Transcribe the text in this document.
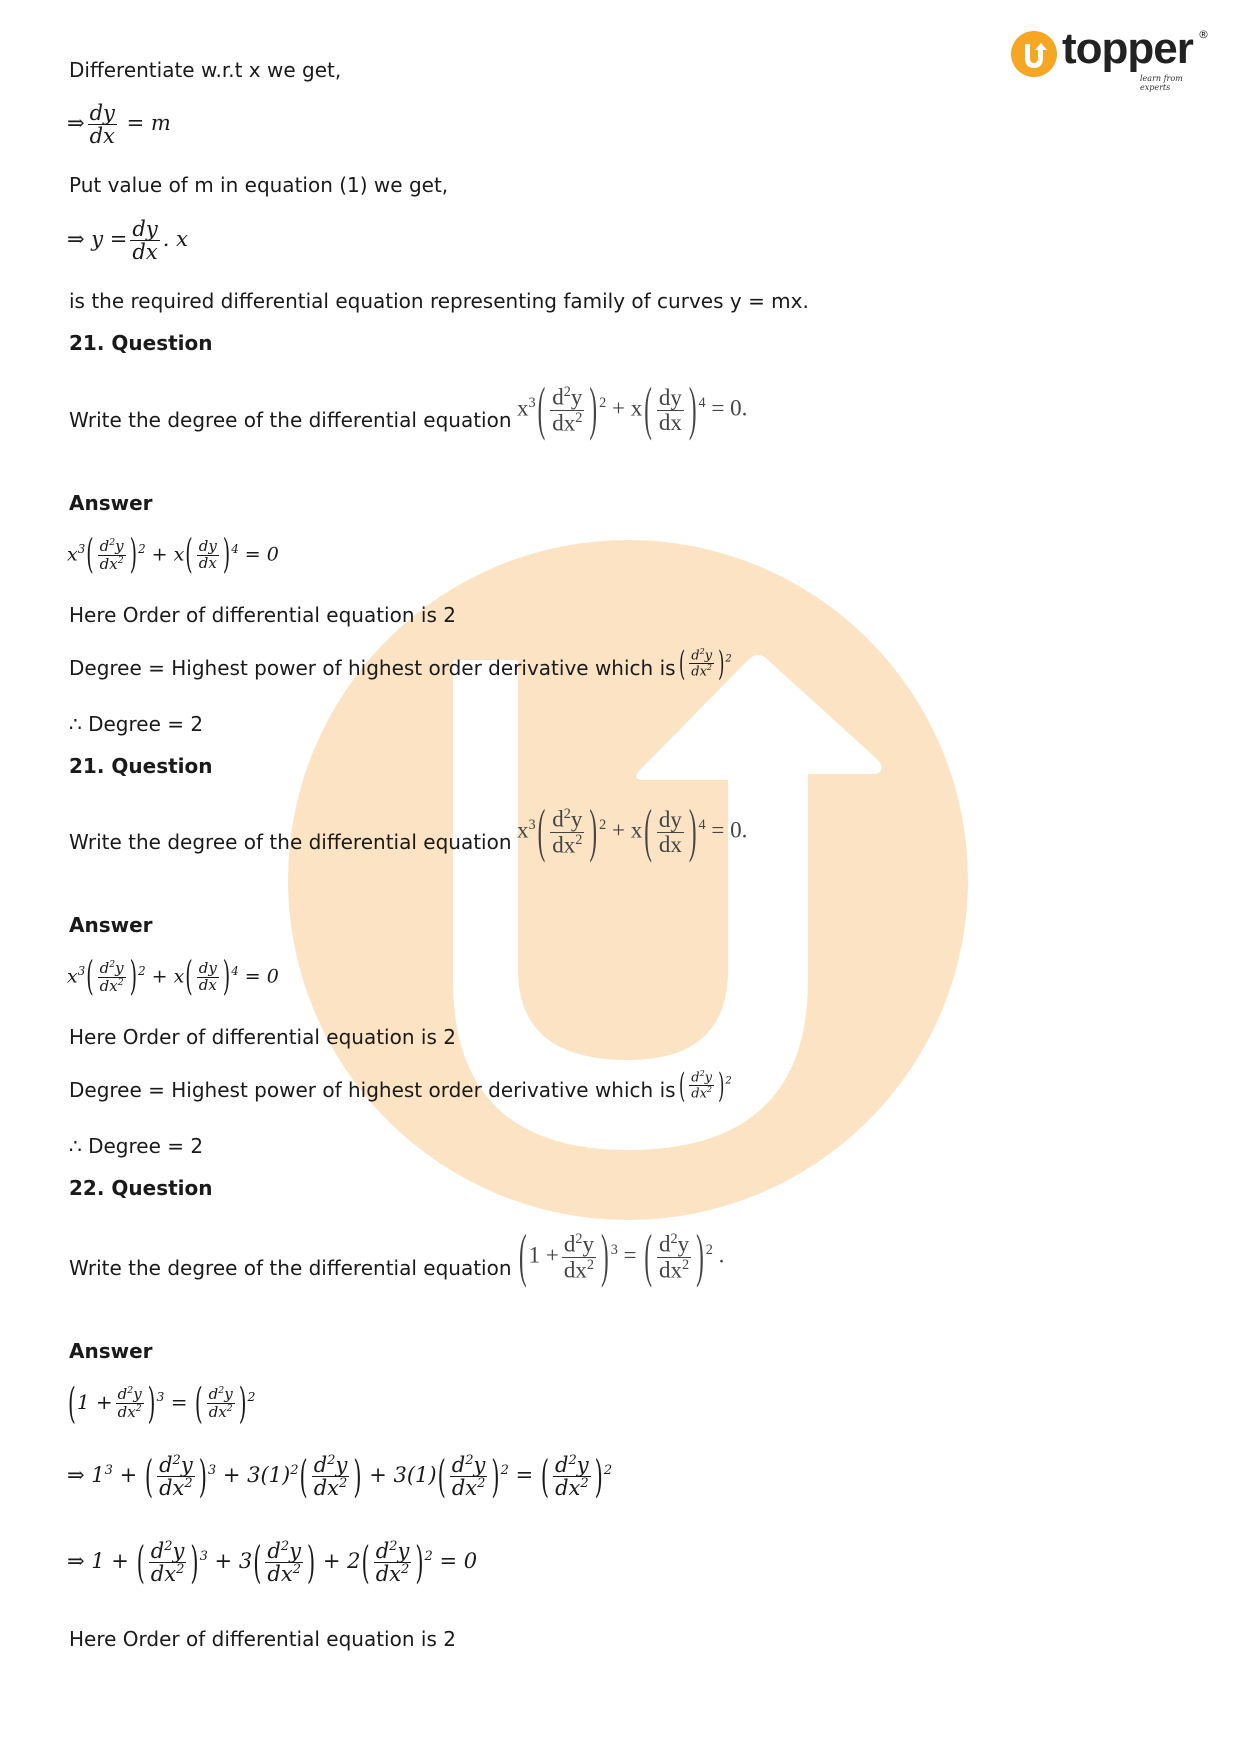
topper ®
learn from experts
Differentiate w.r.t x we get,
⇒ $\frac{dy}{dx} = m$
Put value of m in equation (1) we get,
⇒ $y = \frac{dy}{dx}$ . x
is the required differential equation representing family of curves y = mx.
21. Question
Write the degree of the differential equation $x^3( \frac{d^2y}{dx^2}$ ) $^2 + x( \frac{dy}{dx}$ ) $^4$ = 0.
Answer
$x^3( \frac{d^2y}{dx^2} )^2 + x( \frac{dy}{dx} )^4 = 0$
Here Order of differential equation is 2
Degree = Highest power of highest order derivative which is ( $\frac{d^2y}{dx^2} )^2$
∴ Degree = 2
21. Question
Write the degree of the differential equation $x^3( \frac{d^2y}{dx^2}$ ) $^2 + x( \frac{dy}{dx}$ ) $^4$ = 0.
Answer
$x^3( \frac{d^2y}{dx^2} )^2 + x( \frac{dy}{dx} )^4 = 0$
Here Order of differential equation is 2
Degree = Highest power of highest order derivative which is ( $\frac{d^2y}{dx^2} )^2$
∴ Degree = 2
22. Question
Write the degree of the differential equation ($1 + \frac{d^2y}{dx^2}$ ) $^3$ = ( $\frac{d^2y}{dx^2}$ ) $^2$ .
Answer
$(1 + \frac{d^2y}{dx^2} )^3$ = ( $\frac{d^2y}{dx^2} )^2$
⇒ $1^3$ + ( $\frac{d^2y}{dx^2} )^3 + 3(1)^2( \frac{d^2y}{dx^2}$ ) + $3(1)( \frac{d^2y}{dx^2} )^2$ = ( $\frac{d^2y}{dx^2} )^2$
⇒ 1 + ( $\frac{d^2y}{dx^2} )^3 + 3( \frac{d^2y}{dx^2}$ ) + $2( \frac{d^2y}{dx^2} )^2 = 0$
Here Order of differential equation is 2
